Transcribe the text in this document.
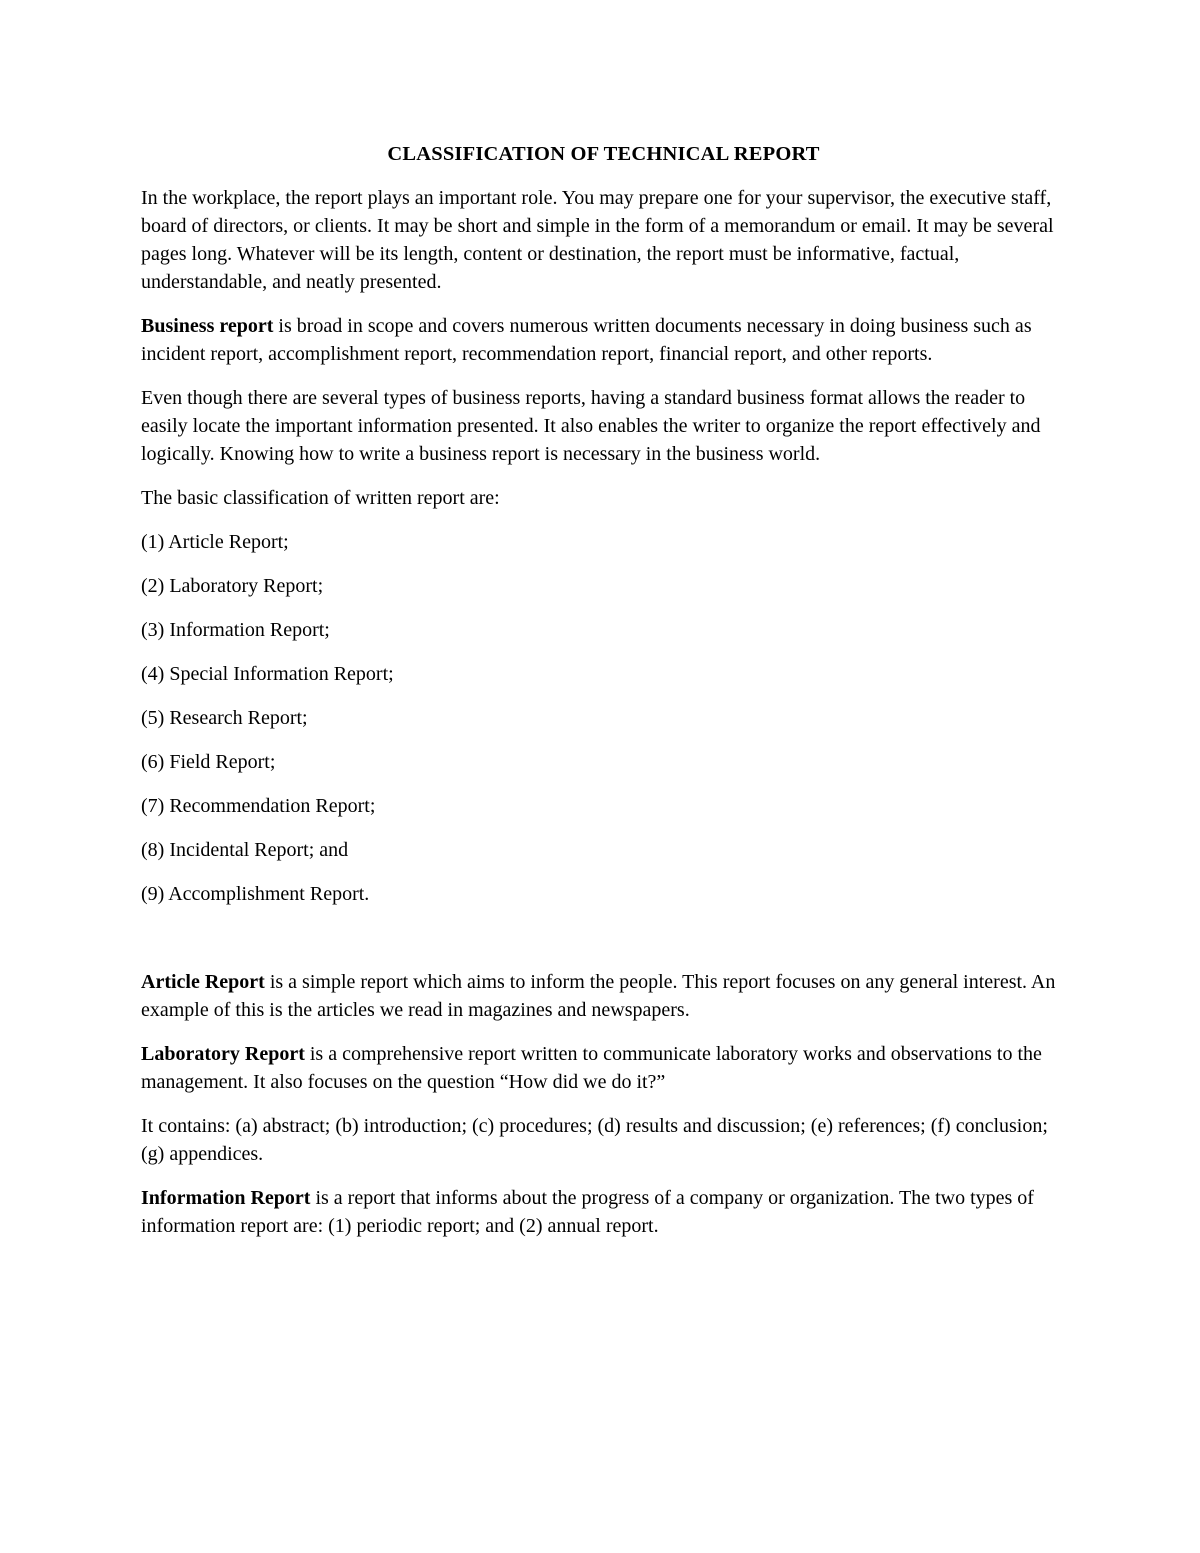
CLASSIFICATION OF TECHNICAL REPORT

In the workplace, the report plays an important role. You may prepare one for your supervisor, the executive staff, board of directors, or clients. It may be short and simple in the form of a memorandum or email. It may be several pages long. Whatever will be its length, content or destination, the report must be informative, factual, understandable, and neatly presented.

Business report is broad in scope and covers numerous written documents necessary in doing business such as incident report, accomplishment report, recommendation report, financial report, and other reports.

Even though there are several types of business reports, having a standard business format allows the reader to easily locate the important information presented. It also enables the writer to organize the report effectively and logically. Knowing how to write a business report is necessary in the business world.

The basic classification of written report are:

(1) Article Report;
(2) Laboratory Report;
(3) Information Report;
(4) Special Information Report;
(5) Research Report;
(6) Field Report;
(7) Recommendation Report;
(8) Incidental Report; and
(9) Accomplishment Report.

Article Report is a simple report which aims to inform the people. This report focuses on any general interest. An example of this is the articles we read in magazines and newspapers.

Laboratory Report is a comprehensive report written to communicate laboratory works and observations to the management. It also focuses on the question “How did we do it?”

It contains: (a) abstract; (b) introduction; (c) procedures; (d) results and discussion; (e) references; (f) conclusion; (g) appendices.

Information Report is a report that informs about the progress of a company or organization. The two types of information report are: (1) periodic report; and (2) annual report.
